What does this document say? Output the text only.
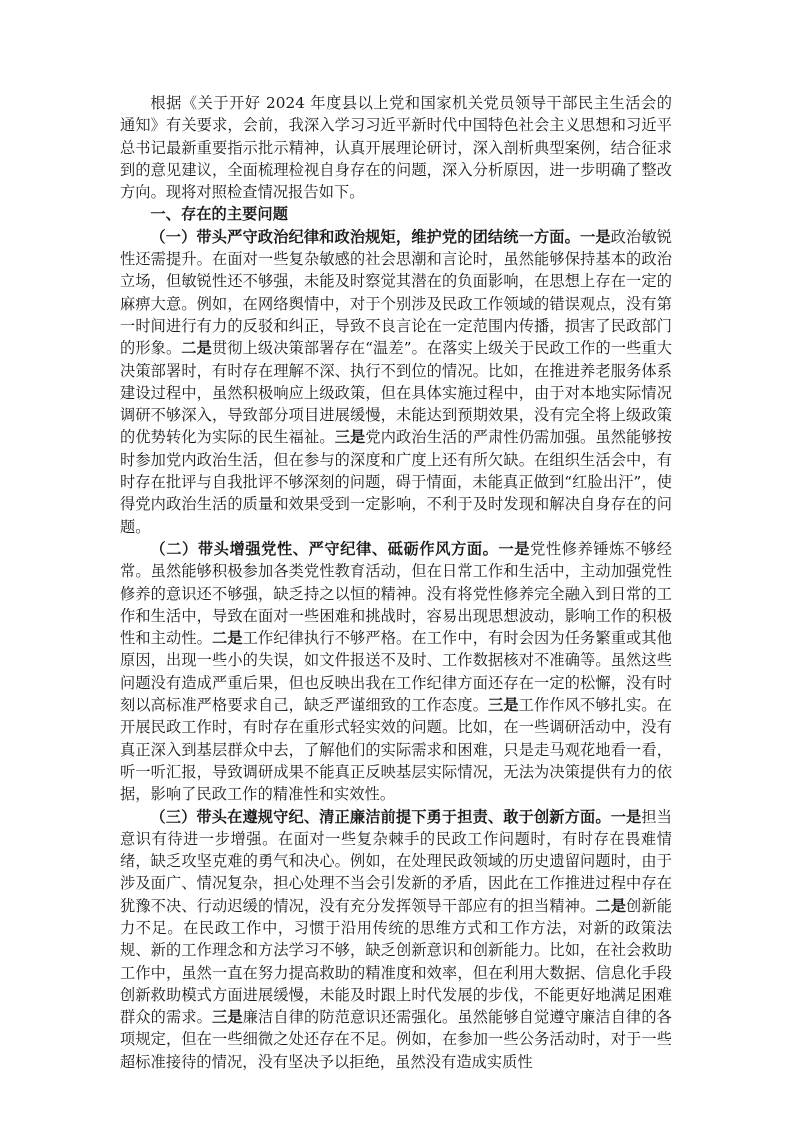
根据《关于开好 2024 年度县以上党和国家机关党员领导干部民主生活会的通知》有关要求，会前，我深入学习习近平新时代中国特色社会主义思想和习近平总书记最新重要指示批示精神，认真开展理论研讨，深入剖析典型案例，结合征求到的意见建议，全面梳理检视自身存在的问题，深入分析原因，进一步明确了整改方向。现将对照检查情况报告如下。

一、存在的主要问题

（一）带头严守政治纪律和政治规矩，维护党的团结统一方面。一是政治敏锐性还需提升。在面对一些复杂敏感的社会思潮和言论时，虽然能够保持基本的政治立场，但敏锐性还不够强，未能及时察觉其潜在的负面影响，在思想上存在一定的麻痹大意。例如，在网络舆情中，对于个别涉及民政工作领域的错误观点，没有第一时间进行有力的反驳和纠正，导致不良言论在一定范围内传播，损害了民政部门的形象。二是贯彻上级决策部署存在“温差”。在落实上级关于民政工作的一些重大决策部署时，有时存在理解不深、执行不到位的情况。比如，在推进养老服务体系建设过程中，虽然积极响应上级政策，但在具体实施过程中，由于对本地实际情况调研不够深入，导致部分项目进展缓慢，未能达到预期效果，没有完全将上级政策的优势转化为实际的民生福祉。三是党内政治生活的严肃性仍需加强。虽然能够按时参加党内政治生活，但在参与的深度和广度上还有所欠缺。在组织生活会中，有时存在批评与自我批评不够深刻的问题，碍于情面，未能真正做到“红脸出汗”，使得党内政治生活的质量和效果受到一定影响，不利于及时发现和解决自身存在的问题。

（二）带头增强党性、严守纪律、砥砺作风方面。一是党性修养锤炼不够经常。虽然能够积极参加各类党性教育活动，但在日常工作和生活中，主动加强党性修养的意识还不够强，缺乏持之以恒的精神。没有将党性修养完全融入到日常的工作和生活中，导致在面对一些困难和挑战时，容易出现思想波动，影响工作的积极性和主动性。二是工作纪律执行不够严格。在工作中，有时会因为任务繁重或其他原因，出现一些小的失误，如文件报送不及时、工作数据核对不准确等。虽然这些问题没有造成严重后果，但也反映出我在工作纪律方面还存在一定的松懈，没有时刻以高标准严格要求自己，缺乏严谨细致的工作态度。三是工作作风不够扎实。在开展民政工作时，有时存在重形式轻实效的问题。比如，在一些调研活动中，没有真正深入到基层群众中去，了解他们的实际需求和困难，只是走马观花地看一看，听一听汇报，导致调研成果不能真正反映基层实际情况，无法为决策提供有力的依据，影响了民政工作的精准性和实效性。

（三）带头在遵规守纪、清正廉洁前提下勇于担责、敢于创新方面。一是担当意识有待进一步增强。在面对一些复杂棘手的民政工作问题时，有时存在畏难情绪，缺乏攻坚克难的勇气和决心。例如，在处理民政领域的历史遗留问题时，由于涉及面广、情况复杂，担心处理不当会引发新的矛盾，因此在工作推进过程中存在犹豫不决、行动迟缓的情况，没有充分发挥领导干部应有的担当精神。二是创新能力不足。在民政工作中，习惯于沿用传统的思维方式和工作方法，对新的政策法规、新的工作理念和方法学习不够，缺乏创新意识和创新能力。比如，在社会救助工作中，虽然一直在努力提高救助的精准度和效率，但在利用大数据、信息化手段创新救助模式方面进展缓慢，未能及时跟上时代发展的步伐，不能更好地满足困难群众的需求。三是廉洁自律的防范意识还需强化。虽然能够自觉遵守廉洁自律的各项规定，但在一些细微之处还存在不足。例如，在参加一些公务活动时，对于一些超标准接待的情况，没有坚决予以拒绝，虽然没有造成实质性
